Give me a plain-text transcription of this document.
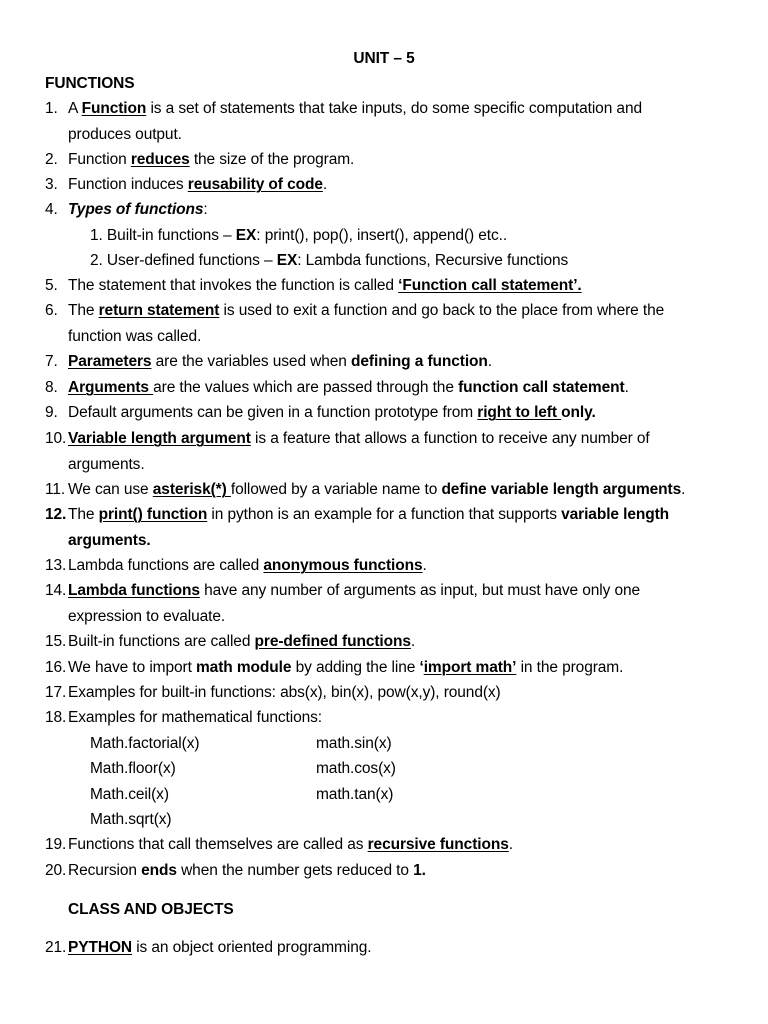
UNIT – 5
FUNCTIONS
1. A Function is a set of statements that take inputs, do some specific computation and
produces output.
2. Function reduces the size of the program.
3. Function induces reusability of code.
4. Types of functions:
1. Built-in functions – EX: print(), pop(), insert(), append() etc..
2. User-defined functions – EX: Lambda functions, Recursive functions
5. The statement that invokes the function is called ‘Function call statement’.
6. The return statement is used to exit a function and go back to the place from where the
function was called.
7. Parameters are the variables used when defining a function.
8. Arguments are the values which are passed through the function call statement.
9. Default arguments can be given in a function prototype from right to left only.
10. Variable length argument is a feature that allows a function to receive any number of
arguments.
11. We can use asterisk(*) followed by a variable name to define variable length arguments.
12. The print() function in python is an example for a function that supports variable length
arguments.
13. Lambda functions are called anonymous functions.
14. Lambda functions have any number of arguments as input, but must have only one
expression to evaluate.
15. Built-in functions are called pre-defined functions.
16. We have to import math module by adding the line ‘import math’ in the program.
17. Examples for built-in functions: abs(x), bin(x), pow(x,y), round(x)
18. Examples for mathematical functions:
Math.factorial(x)
Math.floor(x)
Math.ceil(x)
Math.sqrt(x)
math.sin(x)
math.cos(x)
math.tan(x)
19. Functions that call themselves are called as recursive functions.
20. Recursion ends when the number gets reduced to 1.
CLASS AND OBJECTS
21. PYTHON is an object oriented programming.
